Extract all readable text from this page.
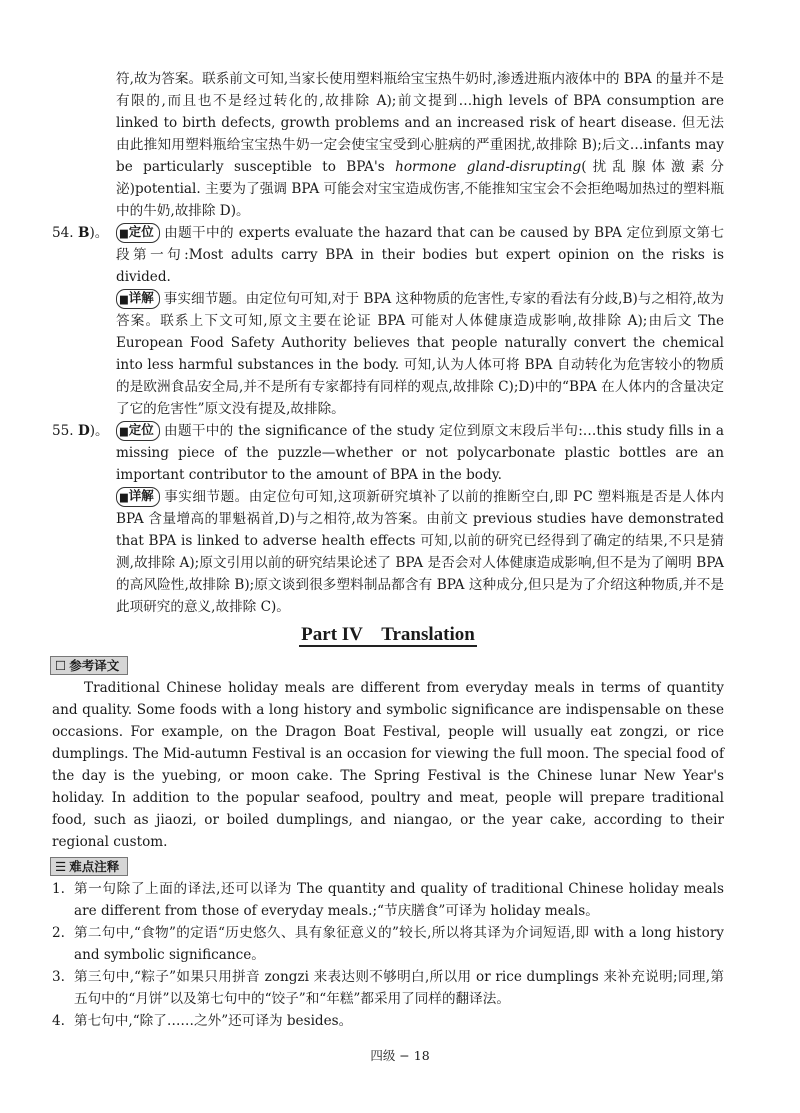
符,故为答案。联系前文可知,当家长使用塑料瓶给宝宝热牛奶时,渗透进瓶内液体中的 BPA 的量并不是有限的,而且也不是经过转化的,故排除 A);前文提到…high levels of BPA consumption are linked to birth defects, growth problems and an increased risk of heart disease. 但无法由此推知用塑料瓶给宝宝热牛奶一定会使宝宝受到心脏病的严重困扰,故排除 B);后文…infants may be particularly susceptible to BPA's hormone gland-disrupting(扰乱腺体激素分泌)potential. 主要为了强调 BPA 可能会对宝宝造成伤害,不能推知宝宝会不会拒绝喝加热过的塑料瓶中的牛奶,故排除 D)。

54. B)。	▆定位 由题干中的 experts evaluate the hazard that can be caused by BPA 定位到原文第七段第一句:Most adults carry BPA in their bodies but expert opinion on the risks is divided.

▆详解 事实细节题。由定位句可知,对于 BPA 这种物质的危害性,专家的看法有分歧,B)与之相符,故为答案。联系上下文可知,原文主要在论证 BPA 可能对人体健康造成影响,故排除 A);由后文 The European Food Safety Authority believes that people naturally convert the chemical into less harmful substances in the body. 可知,认为人体可将 BPA 自动转化为危害较小的物质的是欧洲食品安全局,并不是所有专家都持有同样的观点,故排除 C);D)中的“BPA 在人体内的含量决定了它的危害性”原文没有提及,故排除。

55. D)。	▆定位 由题干中的 the significance of the study 定位到原文末段后半句:…this study fills in a missing piece of the puzzle—whether or not polycarbonate plastic bottles are an important contributor to the amount of BPA in the body.

▆详解 事实细节题。由定位句可知,这项新研究填补了以前的推断空白,即 PC 塑料瓶是否是人体内 BPA 含量增高的罪魁祸首,D)与之相符,故为答案。由前文 previous studies have demonstrated that BPA is linked to adverse health effects 可知,以前的研究已经得到了确定的结果,不只是猜测,故排除 A);原文引用以前的研究结果论述了 BPA 是否会对人体健康造成影响,但不是为了阐明 BPA 的高风险性,故排除 B);原文谈到很多塑料制品都含有 BPA 这种成分,但只是为了介绍这种物质,并不是此项研究的意义,故排除 C)。

Part IV    Translation
☐ 参考译文

Traditional Chinese holiday meals are different from everyday meals in terms of quantity and quality. Some foods with a long history and symbolic significance are indispensable on these occasions. For example, on the Dragon Boat Festival, people will usually eat zongzi, or rice dumplings. The Mid-autumn Festival is an occasion for viewing the full moon. The special food of the day is the yuebing, or moon cake. The Spring Festival is the Chinese lunar New Year's holiday. In addition to the popular seafood, poultry and meat, people will prepare traditional food, such as jiaozi, or boiled dumplings, and niangao, or the year cake, according to their regional custom.

☰ 难点注释
1. 第一句除了上面的译法,还可以译为 The quantity and quality of traditional Chinese holiday meals are different from those of everyday meals.;“节庆膳食”可译为 holiday meals。
2. 第二句中,“食物”的定语“历史悠久、具有象征意义的”较长,所以将其译为介词短语,即 with a long history and symbolic significance。
3. 第三句中,“粽子”如果只用拼音 zongzi 来表达则不够明白,所以用 or rice dumplings 来补充说明;同理,第五句中的“月饼”以及第七句中的“饺子”和“年糕”都采用了同样的翻译法。
4. 第七句中,“除了……之外”还可译为 besides。
四级 − 18
